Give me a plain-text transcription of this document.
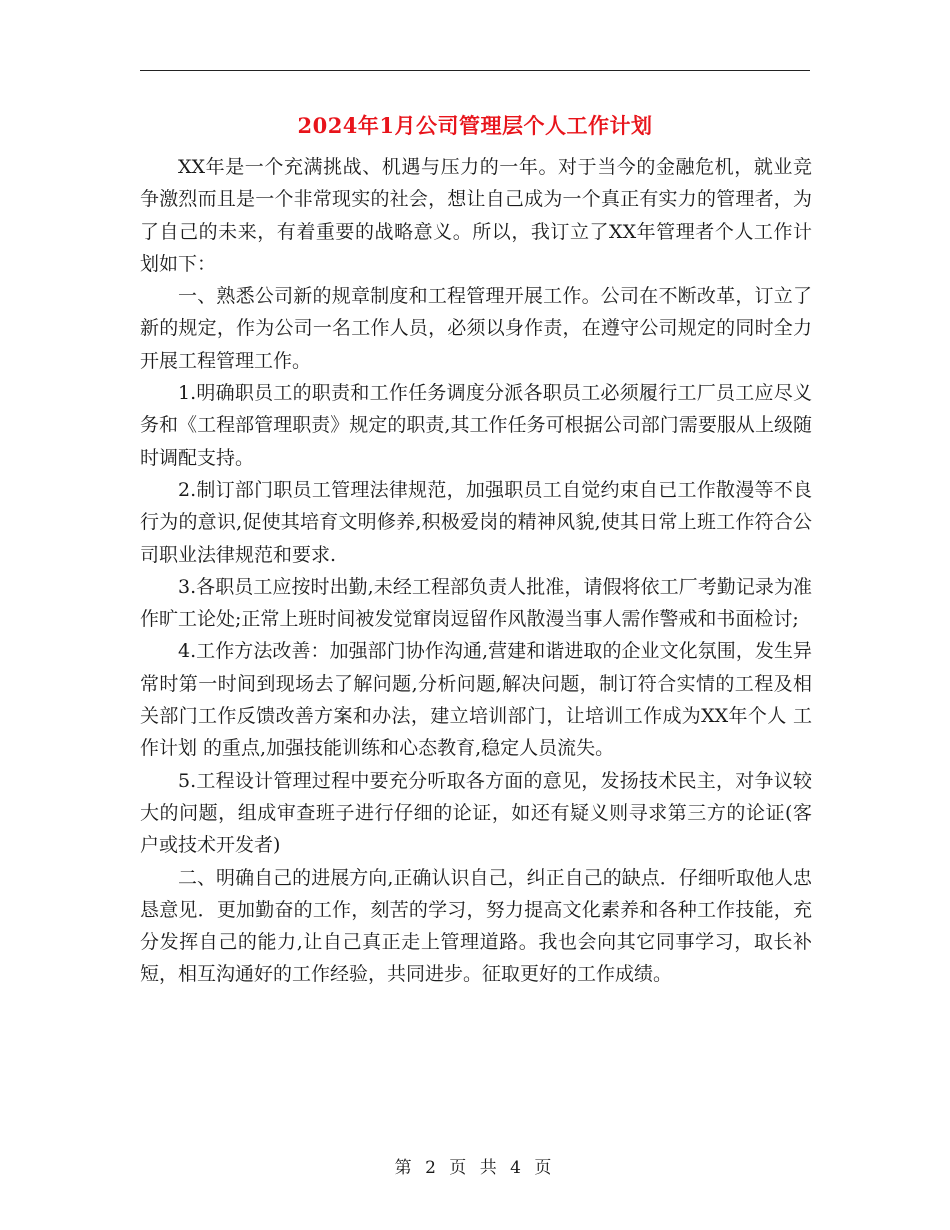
2024年1月公司管理层个人工作计划

XX年是一个充满挑战、机遇与压力的一年。对于当今的金融危机，就业竞争激烈而且是一个非常现实的社会，想让自己成为一个真正有实力的管理者，为了自己的未来，有着重要的战略意义。所以，我订立了XX年管理者个人工作计划如下：

一、熟悉公司新的规章制度和工程管理开展工作。公司在不断改革，订立了新的规定，作为公司一名工作人员，必须以身作责，在遵守公司规定的同时全力开展工程管理工作。

1.明确职员工的职责和工作任务调度分派各职员工必须履行工厂员工应尽义务和《工程部管理职责》规定的职责,其工作任务可根据公司部门需要服从上级随时调配支持。

2.制订部门职员工管理法律规范，加强职员工自觉约束自已工作散漫等不良行为的意识,促使其培育文明修养,积极爱岗的精神风貌,使其日常上班工作符合公司职业法律规范和要求.

3.各职员工应按时出勤,未经工程部负责人批准，请假将依工厂考勤记录为准作旷工论处;正常上班时间被发觉窜岗逗留作风散漫当事人需作警戒和书面检讨;

4.工作方法改善：加强部门协作沟通,营建和谐进取的企业文化氛围，发生异常时第一时间到现场去了解问题,分析问题,解决问题，制订符合实情的工程及相关部门工作反馈改善方案和办法，建立培训部门，让培训工作成为XX年个人 工作计划 的重点,加强技能训练和心态教育,稳定人员流失。

5.工程设计管理过程中要充分听取各方面的意见，发扬技术民主，对争议较大的问题，组成审查班子进行仔细的论证，如还有疑义则寻求第三方的论证(客户或技术开发者)

二、明确自己的进展方向,正确认识自己，纠正自己的缺点．仔细听取他人忠恳意见．更加勤奋的工作，刻苦的学习，努力提高文化素养和各种工作技能，充分发挥自己的能力,让自己真正走上管理道路。我也会向其它同事学习，取长补短，相互沟通好的工作经验，共同进步。征取更好的工作成绩。

第 2 页 共 4 页
